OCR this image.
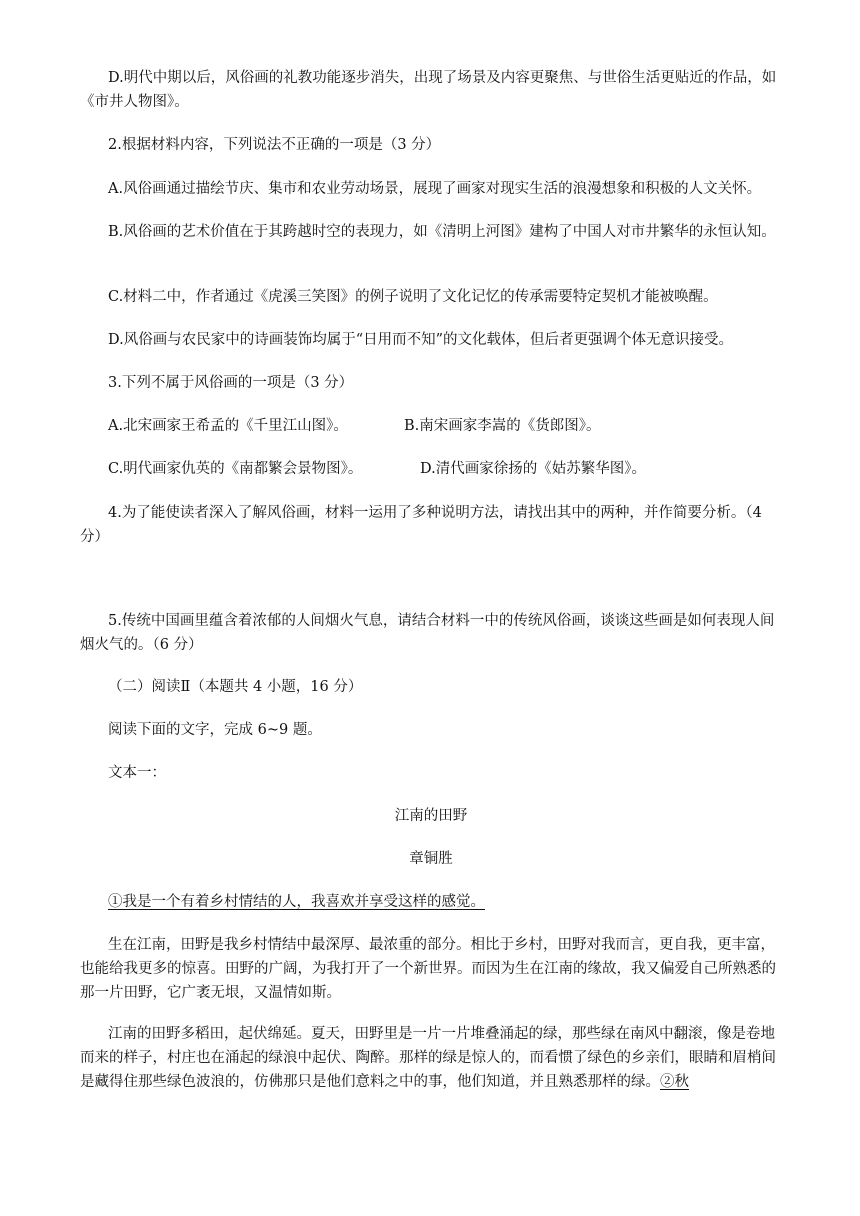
D.明代中期以后，风俗画的礼教功能逐步消失，出现了场景及内容更聚焦、与世俗生活更贴近的作品，如《市井人物图》。

2.根据材料内容，下列说法不正确的一项是（3 分）

A.风俗画通过描绘节庆、集市和农业劳动场景，展现了画家对现实生活的浪漫想象和积极的人文关怀。

B.风俗画的艺术价值在于其跨越时空的表现力，如《清明上河图》建构了中国人对市井繁华的永恒认知。

C.材料二中，作者通过《虎溪三笑图》的例子说明了文化记忆的传承需要特定契机才能被唤醒。

D.风俗画与农民家中的诗画装饰均属于“日用而不知”的文化载体，但后者更强调个体无意识接受。

3.下列不属于风俗画的一项是（3 分）

A.北宋画家王希孟的《千里江山图》。	B.南宋画家李嵩的《货郎图》。
C.明代画家仇英的《南都繁会景物图》。	D.清代画家徐扬的《姑苏繁华图》。

4.为了能使读者深入了解风俗画，材料一运用了多种说明方法，请找出其中的两种，并作简要分析。（4 分）

5.传统中国画里蕴含着浓郁的人间烟火气息，请结合材料一中的传统风俗画，谈谈这些画是如何表现人间烟火气的。（6 分）

（二）阅读Ⅱ（本题共 4 小题，16 分）

阅读下面的文字，完成 6~9 题。

文本一：

江南的田野

章铜胜

①我是一个有着乡村情结的人，我喜欢并享受这样的感觉。

生在江南，田野是我乡村情结中最深厚、最浓重的部分。相比于乡村，田野对我而言，更自我，更丰富，也能给我更多的惊喜。田野的广阔，为我打开了一个新世界。而因为生在江南的缘故，我又偏爱自己所熟悉的那一片田野，它广袤无垠，又温情如斯。

江南的田野多稻田，起伏绵延。夏天，田野里是一片一片堆叠涌起的绿，那些绿在南风中翻滚，像是卷地而来的样子，村庄也在涌起的绿浪中起伏、陶醉。那样的绿是惊人的，而看惯了绿色的乡亲们，眼睛和眉梢间是藏得住那些绿色波浪的，仿佛那只是他们意料之中的事，他们知道，并且熟悉那样的绿。②秋
